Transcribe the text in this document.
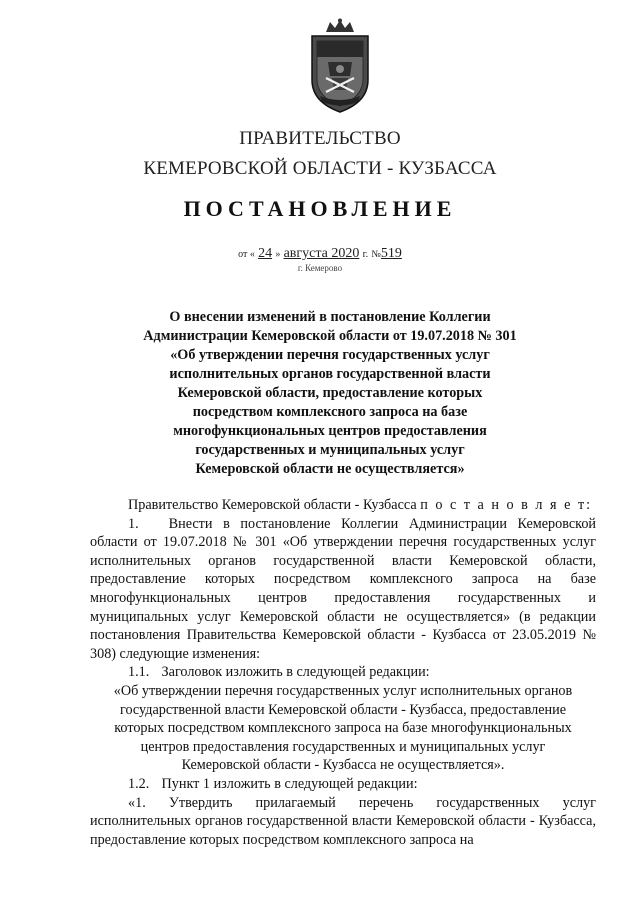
ПРАВИТЕЛЬСТВО
КЕМЕРОВСКОЙ ОБЛАСТИ - КУЗБАССА
ПОСТАНОВЛЕНИЕ
от « 24 » августа 2020 г. №519
г. Кемерово
О внесении изменений в постановление Коллегии
Администрации Кемеровской области от 19.07.2018 № 301
«Об утверждении перечня государственных услуг
исполнительных органов государственной власти
Кемеровской области, предоставление которых
посредством комплексного запроса на базе
многофункциональных центров предоставления
государственных и муниципальных услуг
Кемеровской области не осуществляется»

Правительство Кемеровской области - Кузбасса п о с т а н о в л я е т:

1. Внести в постановление Коллегии Администрации Кемеровской области от 19.07.2018 № 301 «Об утверждении перечня государственных услуг исполнительных органов государственной власти Кемеровской области, предоставление которых посредством комплексного запроса на базе многофункциональных центров предоставления государственных и муниципальных услуг Кемеровской области не осуществляется» (в редакции постановления Правительства Кемеровской области - Кузбасса от 23.05.2019 № 308) следующие изменения:

1.1. Заголовок изложить в следующей редакции:

«Об утверждении перечня государственных услуг исполнительных органов

государственной власти Кемеровской области - Кузбасса, предоставление

которых посредством комплексного запроса на базе многофункциональных

центров предоставления государственных и муниципальных услуг

Кемеровской области - Кузбасса не осуществляется».

1.2. Пункт 1 изложить в следующей редакции:

«1. Утвердить прилагаемый перечень государственных услуг исполнительных органов государственной власти Кемеровской области - Кузбасса, предоставление которых посредством комплексного запроса на
